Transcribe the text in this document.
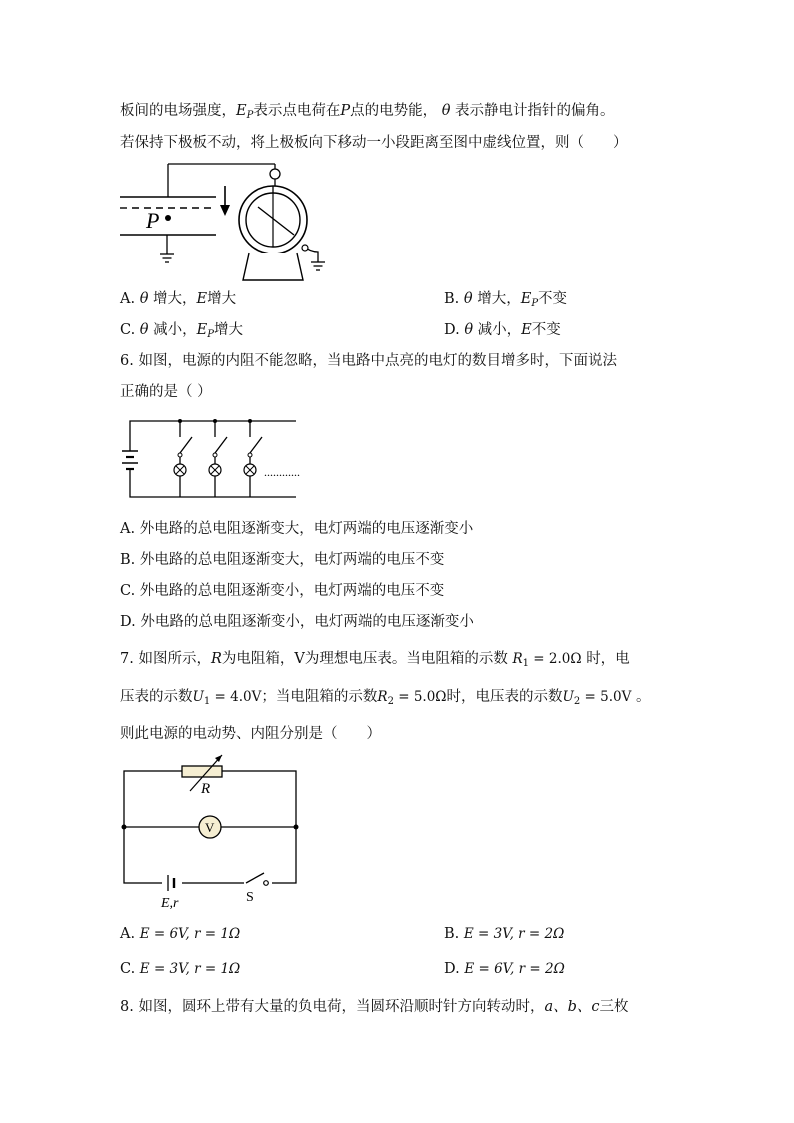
板间的电场强度，$E_P$表示点电荷在P点的电势能， θ 表示静电计指针的偏角。
若保持下极板不动，将上极板向下移动一小段距离至图中虚线位置，则（　　）
P
A. θ 增大，E增大	B. θ 增大，$E_P$不变
C. θ 减小，$E_P$增大	D. θ 减小，E不变
6. 如图，电源的内阻不能忽略，当电路中点亮的电灯的数目增多时，下面说法
正确的是（ ）
............
A. 外电路的总电阻逐渐变大，电灯两端的电压逐渐变小
B. 外电路的总电阻逐渐变大，电灯两端的电压不变
C. 外电路的总电阻逐渐变小，电灯两端的电压不变
D. 外电路的总电阻逐渐变小，电灯两端的电压逐渐变小
7. 如图所示，R为电阻箱，V为理想电压表。当电阻箱的示数 $R_1 = 2.0\Omega$ 时，电
压表的示数$U_1 = 4.0V$；当电阻箱的示数$R_2 = 5.0\Omega$时，电压表的示数$U_2 = 5.0V$ 。
则此电源的电动势、内阻分别是（　　）
R
V
E,r	S
A. E = 6V, r = 1Ω	B. E = 3V, r = 2Ω
C. E = 3V, r = 1Ω	D. E = 6V, r = 2Ω
8. 如图，圆环上带有大量的负电荷，当圆环沿顺时针方向转动时，a、b、c三枚
